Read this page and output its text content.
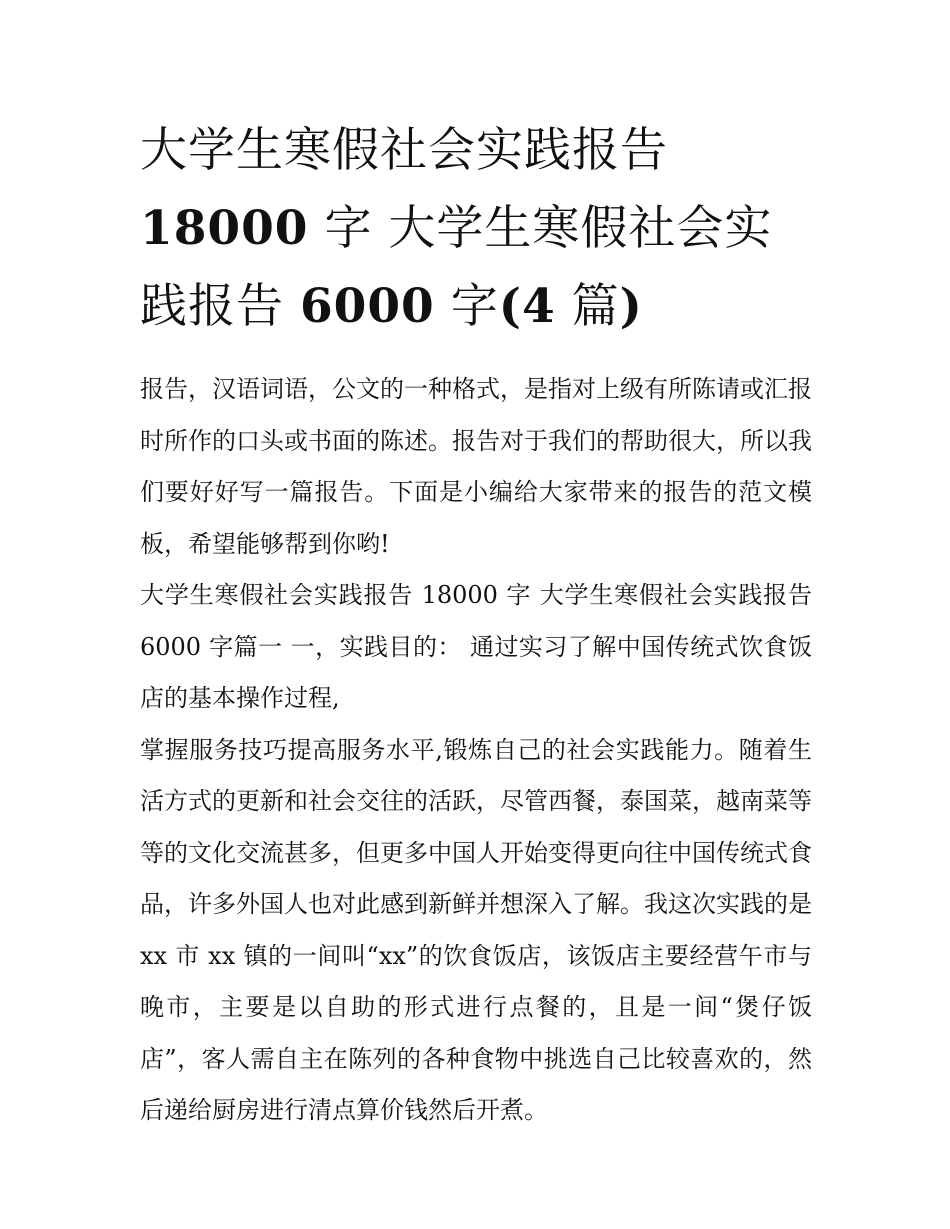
大学生寒假社会实践报告 18000 字 大学生寒假社会实践报告 6000 字(4 篇)

报告，汉语词语，公文的一种格式，是指对上级有所陈请或汇报时所作的口头或书面的陈述。报告对于我们的帮助很大，所以我们要好好写一篇报告。下面是小编给大家带来的报告的范文模板，希望能够帮到你哟!

大学生寒假社会实践报告 18000 字 大学生寒假社会实践报告 6000 字篇一 一，实践目的： 通过实习了解中国传统式饮食饭店的基本操作过程,

掌握服务技巧提高服务水平,锻炼自己的社会实践能力。随着生活方式的更新和社会交往的活跃，尽管西餐，泰国菜，越南菜等等的文化交流甚多，但更多中国人开始变得更向往中国传统式食品，许多外国人也对此感到新鲜并想深入了解。我这次实践的是 xx 市 xx 镇的一间叫“xx”的饮食饭店，该饭店主要经营午市与晚市，主要是以自助的形式进行点餐的，且是一间“煲仔饭店”，客人需自主在陈列的各种食物中挑选自己比较喜欢的，然后递给厨房进行清点算价钱然后开煮。
